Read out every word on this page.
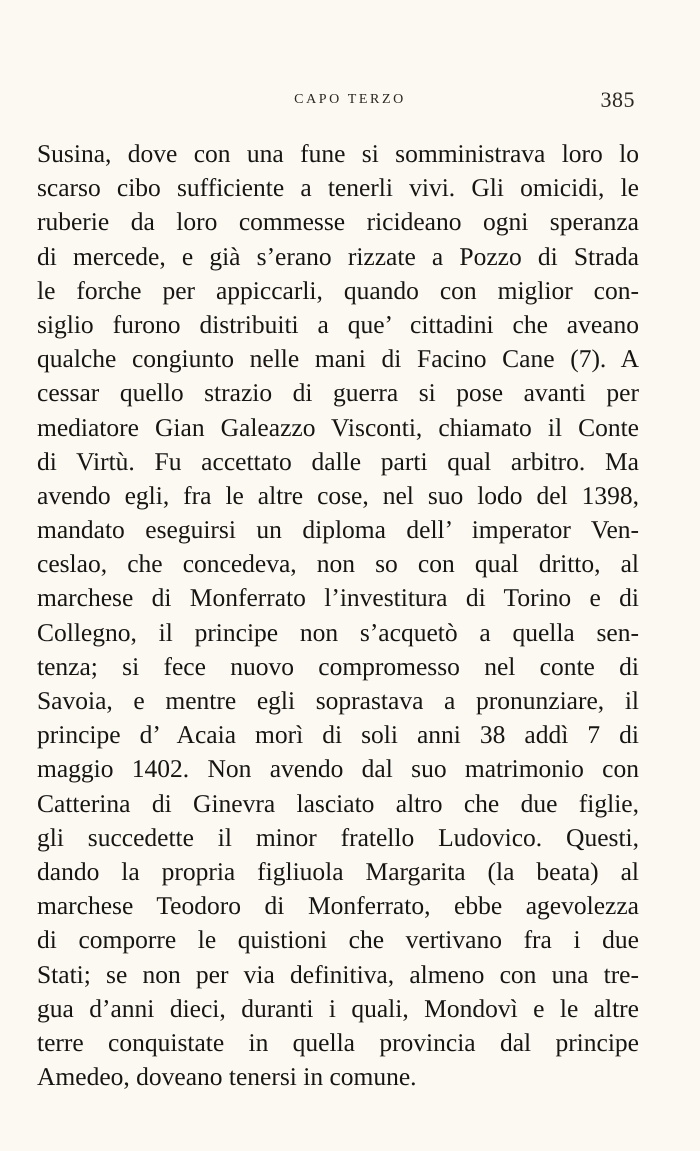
CAPO TERZO	385
Susina, dove con una fune si somministrava loro lo
scarso cibo sufficiente a tenerli vivi. Gli omicidi, le
ruberie da loro commesse ricideano ogni speranza
di mercede, e già s’erano rizzate a Pozzo di Strada
le forche per appiccarli, quando con miglior con-
siglio furono distribuiti a que’ cittadini che aveano
qualche congiunto nelle mani di Facino Cane (7). A
cessar quello strazio di guerra si pose avanti per
mediatore Gian Galeazzo Visconti, chiamato il Conte
di Virtù. Fu accettato dalle parti qual arbitro. Ma
avendo egli, fra le altre cose, nel suo lodo del 1398,
mandato eseguirsi un diploma dell’ imperator Ven-
ceslao, che concedeva, non so con qual dritto, al
marchese di Monferrato l’investitura di Torino e di
Collegno, il principe non s’acquetò a quella sen-
tenza; si fece nuovo compromesso nel conte di
Savoia, e mentre egli soprastava a pronunziare, il
principe d’ Acaia morì di soli anni 38 addì 7 di
maggio 1402. Non avendo dal suo matrimonio con
Catterina di Ginevra lasciato altro che due figlie,
gli succedette il minor fratello Ludovico. Questi,
dando la propria figliuola Margarita (la beata) al
marchese Teodoro di Monferrato, ebbe agevolezza
di comporre le quistioni che vertivano fra i due
Stati; se non per via definitiva, almeno con una tre-
gua d’anni dieci, duranti i quali, Mondovì e le altre
terre conquistate in quella provincia dal principe
Amedeo, doveano tenersi in comune.
